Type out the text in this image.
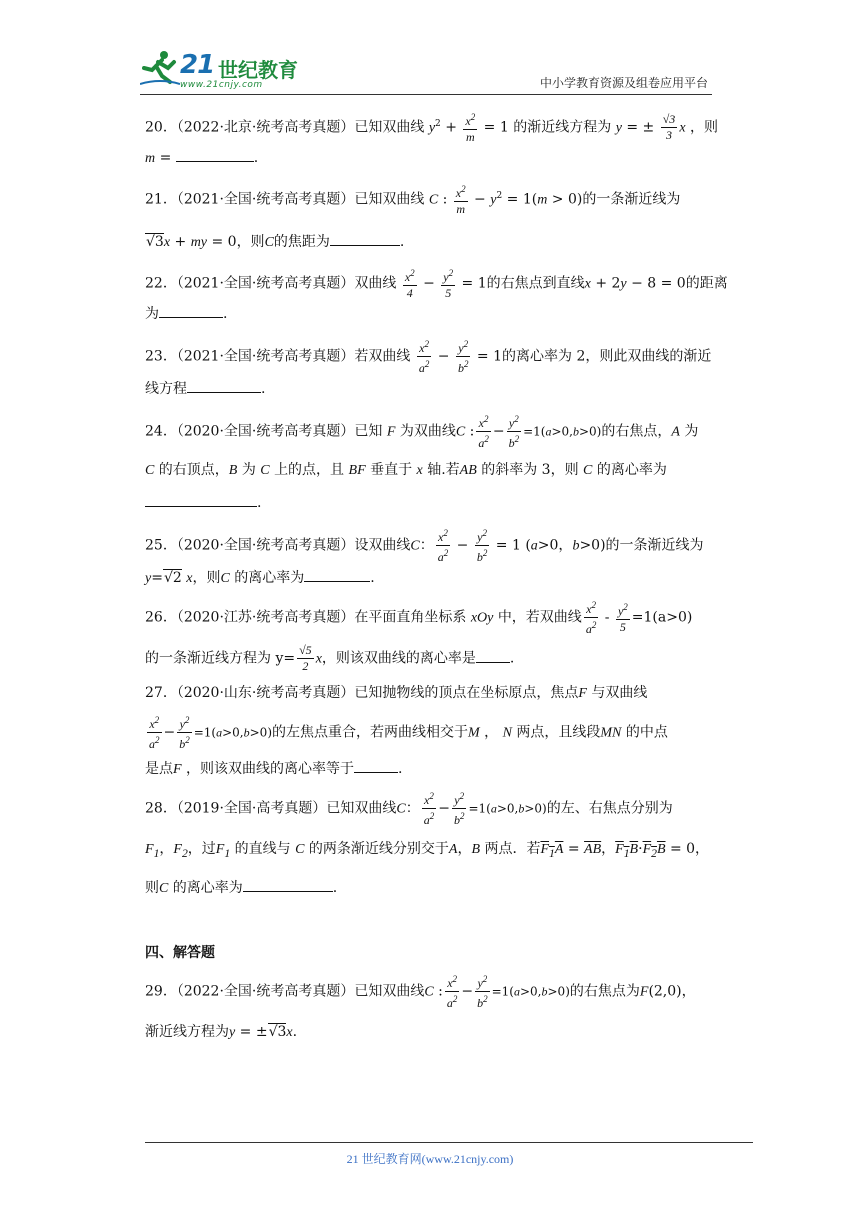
21 世纪教育
www.21cnjy.com	中小学教育资源及组卷应用平台
20．（2022·北京·统考高考真题）已知双曲线 $y^2 + \frac{x^2}{m} = 1$ 的渐近线方程为 y = ± $\frac{√3}{3}$ x ，则
m =	.
21．（2021·全国·统考高考真题）已知双曲线 C : $\frac{x^2}{m} - y^2 = 1(m > 0)$的一条渐近线为
√3x + my = 0，则C的焦距为	.
22．（2021·全国·统考高考真题）双曲线 $\frac{x^2}{4} - \frac{y^2}{5} = 1$的右焦点到直线x + 2y − 8 = 0的距离
为	.
23．（2021·全国·统考高考真题）若双曲线 $\frac{x^2}{a^2} - \frac{y^2}{b^2} = 1$的离心率为 2，则此双曲线的渐近
线方程	.
24．（2020·全国·统考高考真题）已知 F 为双曲线C : $\frac{x^2}{a^2} - \frac{y^2}{b^2} =1(a>0,b>0)$的右焦点，A 为
C 的右顶点，B 为 C 上的点，且 BF 垂直于 x 轴.若AB 的斜率为 3，则 C 的离心率为
.
25．（2020·全国·统考高考真题）设双曲线C： $\frac{x^2}{a^2} - \frac{y^2}{b^2} = 1$ (a>0，b>0)的一条渐近线为
y=√2 x，则C 的离心率为	.
26．（2020·江苏·统考高考真题）在平面直角坐标系 xOy 中，若双曲线 $\frac{x^2}{a^2} - \frac{y^2}{5} =1(a>0)$
的一条渐近线方程为 $y= \frac{√5}{2}$ x，则该双曲线的离心率是 .
27．（2020·山东·统考高考真题）已知抛物线的顶点在坐标原点，焦点F 与双曲线
$\frac{x^2}{a^2} - \frac{y^2}{b^2} =1(a>0,b>0)$的左焦点重合，若两曲线相交于M ， N 两点，且线段MN 的中点
是点F ，则该双曲线的离心率等于	.
28．（2019·全国·高考真题）已知双曲线C： $\frac{x^2}{a^2} - \frac{y^2}{b^2} =1(a>0,b>0)$的左、右焦点分别为
$F_1$，$F_2$，过$F_1$ 的直线与 C 的两条渐近线分别交于A，B 两点．若$F_1A = \overline{AB}$，$F_1B\cdot F_2B = 0$，
则C 的离心率为	.
四、解答题
29．（2022·全国·统考高考真题）已知双曲线C : $\frac{x^2}{a^2} - \frac{y^2}{b^2} =1(a>0,b>0)$的右焦点为F(2,0)，
渐近线方程为y = ±√3x.
21 世纪教育网(www.21cnjy.com)
